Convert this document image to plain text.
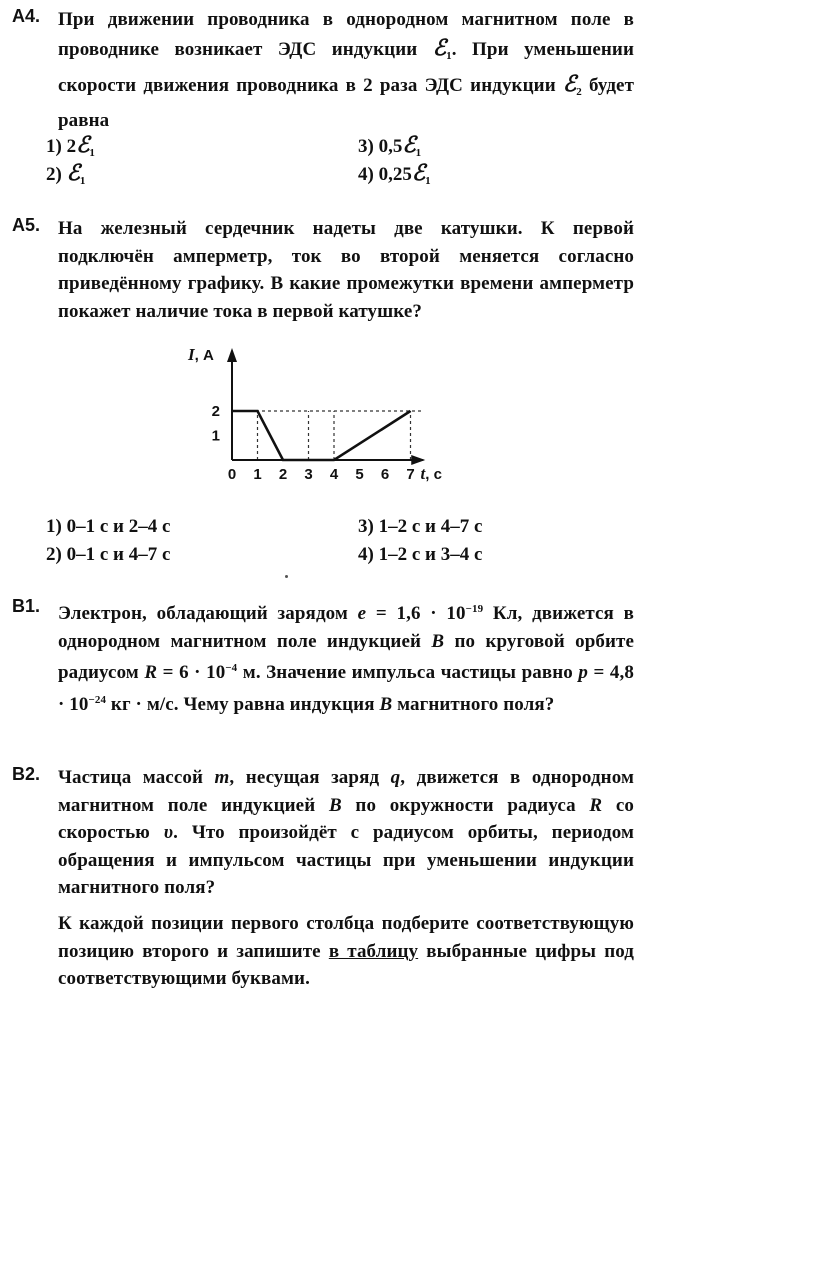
А4. При движении проводника в однородном магнитном поле в проводнике возникает ЭДС индукции ℰ$_1$. При уменьшении скорости движения проводника в 2 раза ЭДС индукции ℰ$_2$ будет равна
1) 2ℰ$_1$
2) ℰ$_1$
3) 0,5ℰ$_1$
4) 0,25ℰ$_1$
А5. На железный сердечник надеты две катушки. К первой подключён амперметр, ток во второй меняется согласно приведённому графику. В какие промежутки времени амперметр покажет наличие тока в первой катушке?
0 1 2 3 4 5 6 7
1
2
I, А
t, с
1) 0–1 с и 2–4 с
2) 0–1 с и 4–7 с
3) 1–2 с и 4–7 с
4) 1–2 с и 3–4 с
В1. Электрон, обладающий зарядом $e = 1,6 \cdot 10^{-19}$ Кл, движется в однородном магнитном поле индукцией B по круговой орбите радиусом $R = 6 \cdot 10^{-4}$ м. Значение импульса частицы равно $p = 4,8 \cdot 10^{-24}$ кг · м/с. Чему равна индукция B магнитного поля?
В2. Частица массой m, несущая заряд q, движется в однородном магнитном поле индукцией B по окружности радиуса R со скоростью υ. Что произойдёт с радиусом орбиты, периодом обращения и импульсом частицы при уменьшении индукции магнитного поля?

К каждой позиции первого столбца подберите соответствующую позицию второго и запишите в таблицу выбранные цифры под соответствующими буквами.
